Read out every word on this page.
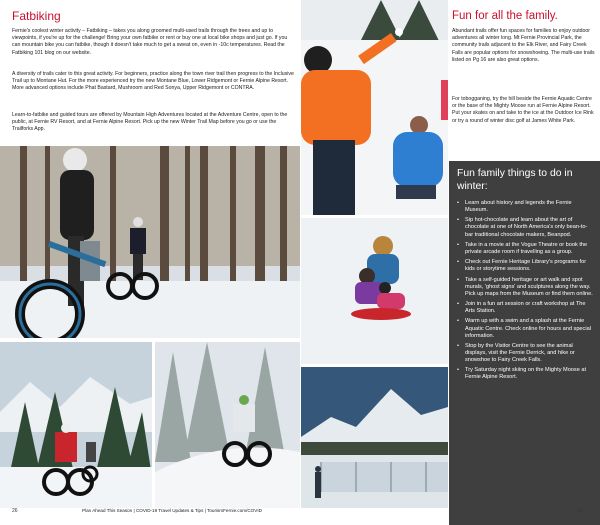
Fatbiking

Fernie's coolest winter activity – Fatbiking – takes you along groomed multi-used trails through the trees and up to viewpoints, if you're up for the challenge! Bring your own fatbike or rent or buy one at local bike shops and just go. If you can mountain bike you can fatbike, though it doesn't take much to get a sweat on, even in -10c temperatures. Read the Fatbiking 101 blog on our website.

A diversity of trails cater to this great activity. For beginners, practice along the town river trail then progress to the Inclusive Trail up to Montane Hut. For the more experienced try the new Montane Blue, Lower Ridgemont or Fernie Alpine Resort. More advanced options include Phat Bastard, Mushroom and Red Sonya, Upper Ridgemont or CONTRA.

Learn-to-fatbike and guided tours are offered by Mountain High Adventures located at the Adventure Centre, open to the public, at Fernie RV Resort, and at Fernie Alpine Resort. Pick up the new Winter Trail Map before you go or use the Trailforks App.

26	Plan Ahead This Season | COVID-19 Travel Updates & Tips | TourismFernie.com/COVID
Fun for all the family.

Abundant trails offer fun spaces for families to enjoy outdoor adventures all winter long. Mt Fernie Provincial Park, the community trails adjacent to the Elk River, and Fairy Creek Falls are popular options for snowshoeing. The multi-use trails listed on Pg 16 are also great options.

For tobogganing, try the hill beside the Fernie Aquatic Centre or the base of the Mighty Moose run at Fernie Alpine Resort. Put your skates on and take to the ice at the Outdoor Ice Rink or try a round of winter disc golf at James White Park.

Fun family things to do in winter:
• Learn about history and legends the Fernie Museum.
• Sip hot-chocolate and learn about the art of chocolate at one of North America's only bean-to-bar traditional chocolate makers, Beanpod.
• Take in a movie at the Vogue Theatre or book the private arcade room if travelling as a group.
• Check out Fernie Heritage Library's programs for kids or storytime sessions.
• Take a self-guided heritage or art walk and spot murals, 'ghost signs' and sculptures along the way. Pick up maps from the Museum or find them online.
• Join in a fun art session or craft workshop at The Arts Station.
• Warm up with a swim and a splash at the Fernie Aquatic Centre. Check online for hours and special information.
• Stop by the Visitor Centre to see the animal displays, visit the Fernie Derrick, and hike or snowshoe to Fairy Creek Falls.
• Try Saturday night skiing on the Mighty Moose at Fernie Alpine Resort.
27
